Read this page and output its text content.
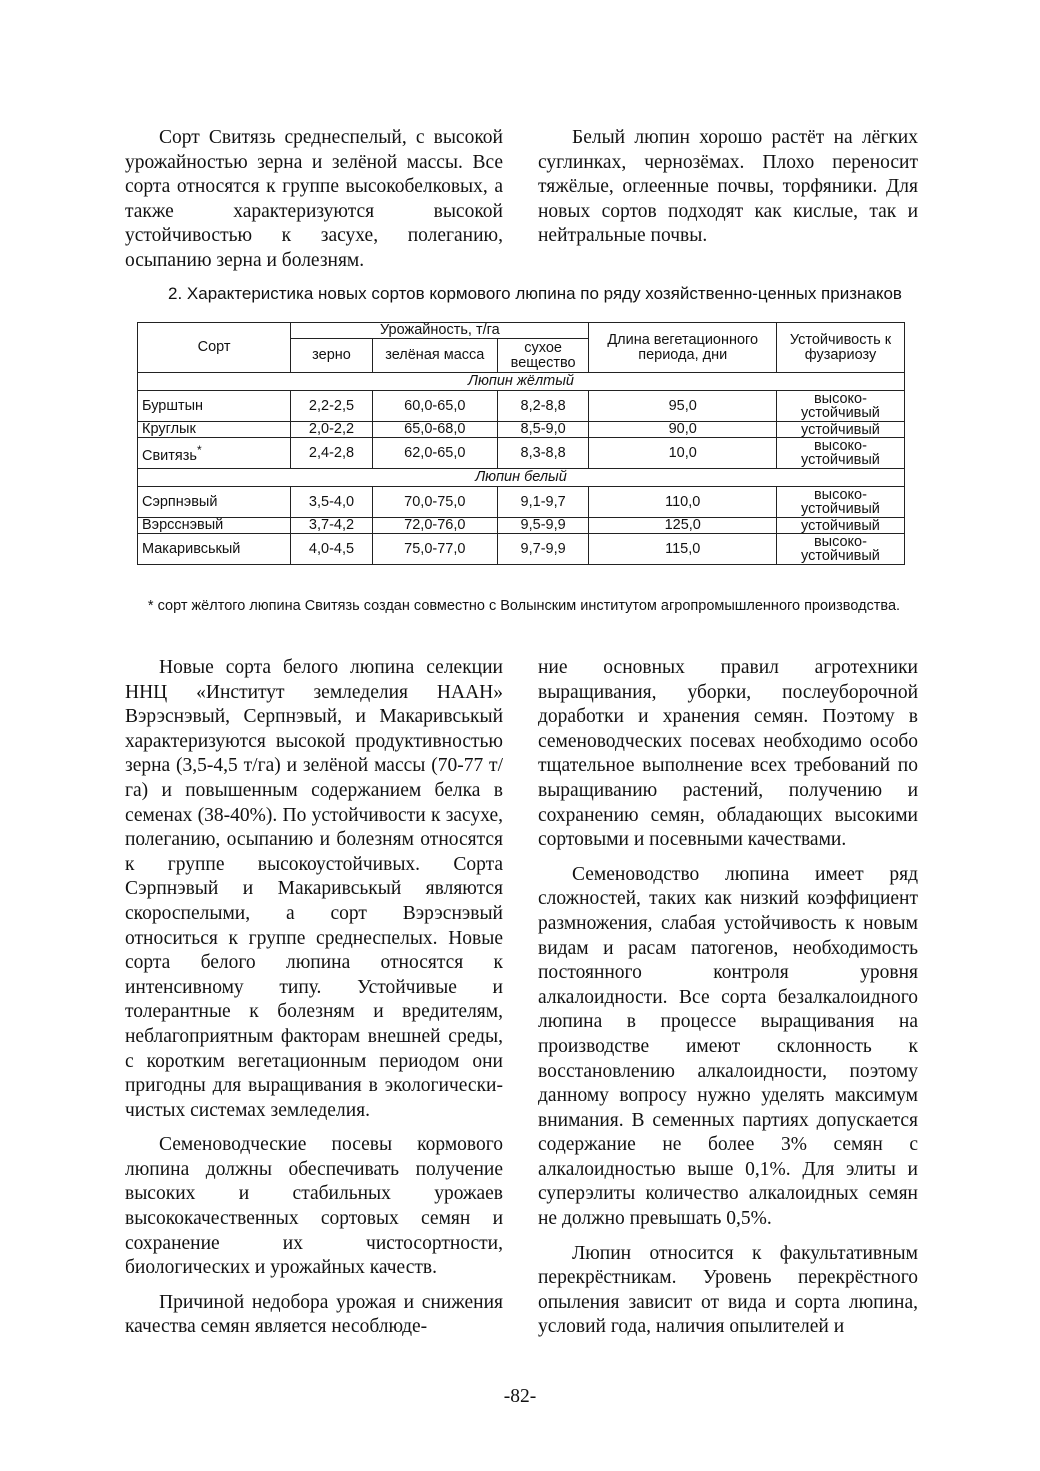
Сорт Свитязь среднеспелый, с высокой урожайностью зерна и зелёной массы. Все сорта относятся к группе высокобелковых, а также характеризуются высокой устойчивостью к засухе, полеганию, осыпанию зерна и болезням.

Белый люпин хорошо растёт на лёгких суглинках, чернозёмах. Плохо переносит тяжёлые, оглеенные почвы, торфяники. Для новых сортов подходят как кислые, так и нейтральные почвы.

2. Характеристика новых сортов кормового люпина по ряду хозяйственно-ценных признаков
Сорт	Урожайность, т/га			Длина вегетационного периода, дни	Устойчивость к фузариозу
	зерно	зелёная масса	сухое вещество		
Люпин жёлтый					
Бурштын	2,2-2,5	60,0-65,0	8,2-8,8	95,0	высоко-устойчивый
Круглык	2,0-2,2	65,0-68,0	8,5-9,0	90,0	устойчивый
Свитязь*	2,4-2,8	62,0-65,0	8,3-8,8	10,0	высоко-устойчивый
Люпин белый					
Сэрпнэвый	3,5-4,0	70,0-75,0	9,1-9,7	110,0	высоко-устойчивый
Вэрсснэвый	3,7-4,2	72,0-76,0	9,5-9,9	125,0	устойчивый
Макаривськый	4,0-4,5	75,0-77,0	9,7-9,9	115,0	высоко-устойчивый
* сорт жёлтого люпина Свитязь создан совместно с Волынским институтом агропромышленного производства.

Новые сорта белого люпина селекции ННЦ «Институт земледелия НААН» Вэрэснэвый, Серпнэвый, и Макаривськый характеризуются высокой продуктивностью зерна (3,5-4,5 т/га) и зелёной массы (70-77 т/га) и повышенным содержанием белка в семенах (38-40%). По устойчивости к засухе, полеганию, осыпанию и болезням относятся к группе высокоустойчивых. Сорта Сэрпнэвый и Макаривськый являются скороспелыми, а сорт Вэрэснэвый относиться к группе среднеспелых. Новые сорта белого люпина относятся к интенсивному типу. Устойчивые и толерантные к болезням и вредителям, неблагоприятным факторам внешней среды, с коротким вегетационным периодом они пригодны для выращивания в экологически-чистых системах земледелия.

Семеноводческие посевы кормового люпина должны обеспечивать получение высоких и стабильных урожаев высококачественных сортовых семян и сохранение их чистосортности, биологических и урожайных качеств.

Причиной недобора урожая и снижения качества семян является несоблюде-

ние основных правил агротехники выращивания, уборки, послеуборочной доработки и хранения семян. Поэтому в семеноводческих посевах необходимо особо тщательное выполнение всех требований по выращиванию растений, получению и сохранению семян, обладающих высокими сортовыми и посевными качествами.

Семеноводство люпина имеет ряд сложностей, таких как низкий коэффициент размножения, слабая устойчивость к новым видам и расам патогенов, необходимость постоянного контроля уровня алкалоидности. Все сорта безалкалоидного люпина в процессе выращивания на производстве имеют склонность к восстановлению алкалоидности, поэтому данному вопросу нужно уделять максимум внимания. В семенных партиях допускается содержание не более 3% семян с алкалоидностью выше 0,1%. Для элиты и суперэлиты количество алкалоидных семян не должно превышать 0,5%.

Люпин относится к факультативным перекрёстникам. Уровень перекрёстного опыления зависит от вида и сорта люпина, условий года, наличия опылителей и

-82-
